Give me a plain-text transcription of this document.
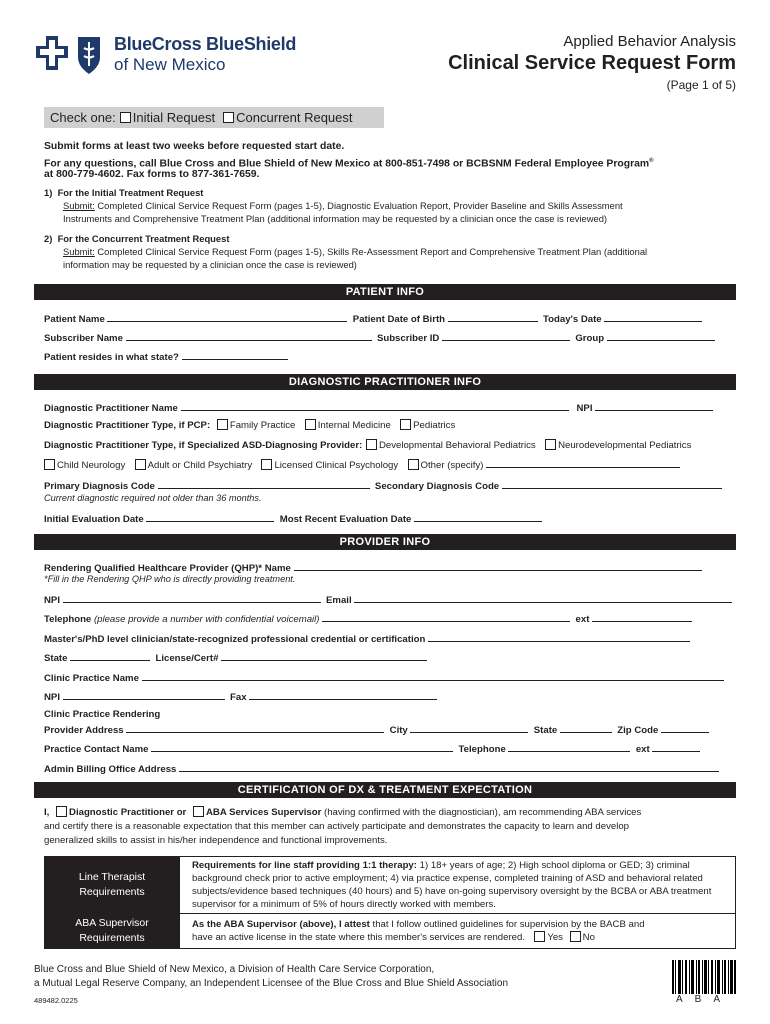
BlueCross BlueShield
of New Mexico
Applied Behavior Analysis
Clinical Service Request Form
(Page 1 of 5)
Check one: Initial Request Concurrent Request
Submit forms at least two weeks before requested start date.
For any questions, call Blue Cross and Blue Shield of New Mexico at 800-851-7498 or BCBSNM Federal Employee Program®
at 800-779-4602. Fax forms to 877-361-7659.
1) For the Initial Treatment Request
Submit: Completed Clinical Service Request Form (pages 1-5), Diagnostic Evaluation Report, Provider Baseline and Skills Assessment
Instruments and Comprehensive Treatment Plan (additional information may be requested by a clinician once the case is reviewed)
2) For the Concurrent Treatment Request
Submit: Completed Clinical Service Request Form (pages 1-5), Skills Re-Assessment Report and Comprehensive Treatment Plan (additional
information may be requested by a clinician once the case is reviewed)
PATIENT INFO
Patient Name	Patient Date of Birth	Today's Date
Subscriber Name	Subscriber ID	Group
Patient resides in what state?
DIAGNOSTIC PRACTITIONER INFO
Diagnostic Practitioner Name	NPI
Diagnostic Practitioner Type, if PCP: Family Practice Internal Medicine Pediatrics
Diagnostic Practitioner Type, if Specialized ASD-Diagnosing Provider: Developmental Behavioral Pediatrics Neurodevelopmental Pediatrics
Child Neurology Adult or Child Psychiatry Licensed Clinical Psychology Other (specify)
Primary Diagnosis Code	Secondary Diagnosis Code
Current diagnostic required not older than 36 months.
Initial Evaluation Date	Most Recent Evaluation Date
PROVIDER INFO
Rendering Qualified Healthcare Provider (QHP)* Name
*Fill in the Rendering QHP who is directly providing treatment.
NPI	Email
Telephone (please provide a number with confidential voicemail)	ext
Master's/PhD level clinician/state-recognized professional credential or certification
State	License/Cert#
Clinic Practice Name
NPI	Fax
Clinic Practice Rendering
Provider Address	City	State	Zip Code
Practice Contact Name	Telephone	ext
Admin Billing Office Address
CERTIFICATION OF DX & TREATMENT EXPECTATION
I, Diagnostic Practitioner or ABA Services Supervisor (having confirmed with the diagnostician), am recommending ABA services
and certify there is a reasonable expectation that this member can actively participate and demonstrates the capacity to learn and develop
generalized skills to assist in his/her independence and functional improvements.
Line Therapist Requirements	Requirements for line staff providing 1:1 therapy: 1) 18+ years of age; 2) High school diploma or GED; 3) criminal background check prior to active employment; 4) via practice expense, completed training of ASD and behavioral related subjects/evidence based techniques (40 hours) and 5) have on-going supervisory oversight by the BCBA or ABA treatment supervisor for a minimum of 5% of hours directly worked with members.
ABA Supervisor Requirements	As the ABA Supervisor (above), I attest that I follow outlined guidelines for supervision by the BACB and
have an active license in the state where this member's services are rendered. Yes No
Blue Cross and Blue Shield of New Mexico, a Division of Health Care Service Corporation,
a Mutual Legal Reserve Company, an Independent Licensee of the Blue Cross and Blue Shield Association
489482.0225	ABA
